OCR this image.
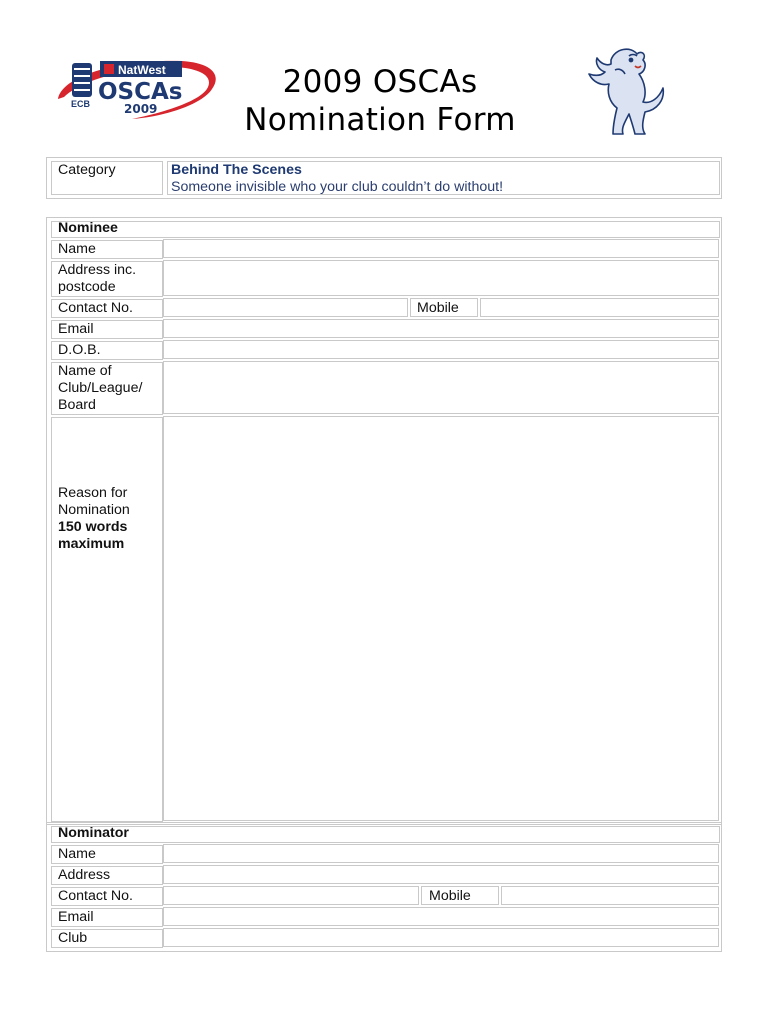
ECB
NatWest
OSCAs
2009
2009 OSCAs
Nomination Form
Category	Behind The Scenes
Someone invisible who your club couldn’t do without!
Nominee
Name
Address inc.
postcode
Contact No.	Mobile
Email
D.O.B.
Name of
Club/League/
Board
Reason for
Nomination
150 words
maximum
Nominator
Name
Address
Contact No.	Mobile
Email
Club
